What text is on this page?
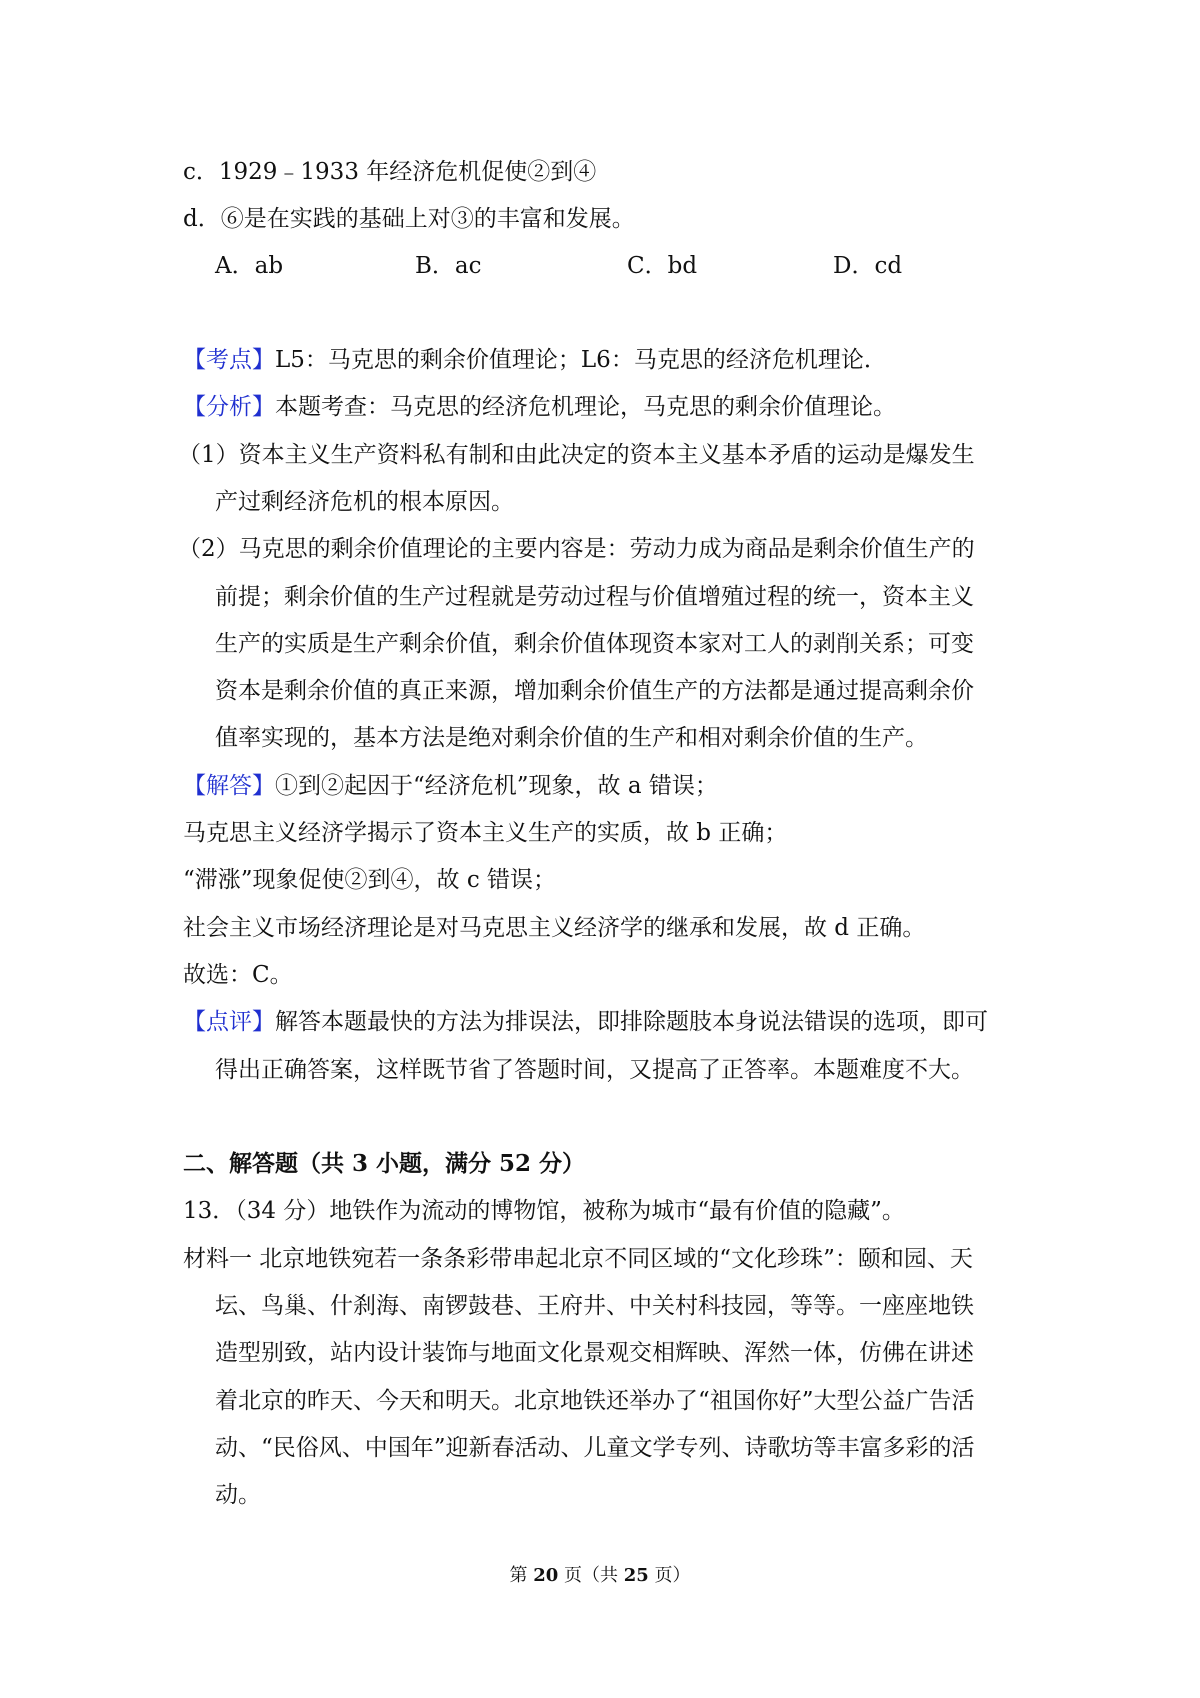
c．1929﹣1933 年经济危机促使②到④
d．⑥是在实践的基础上对③的丰富和发展。
A．ab	B．ac	C．bd	D．cd
【考点】L5：马克思的剩余价值理论；L6：马克思的经济危机理论．
【分析】本题考查：马克思的经济危机理论，马克思的剩余价值理论。
（1）资本主义生产资料私有制和由此决定的资本主义基本矛盾的运动是爆发生
产过剩经济危机的根本原因。
（2）马克思的剩余价值理论的主要内容是：劳动力成为商品是剩余价值生产的
前提；剩余价值的生产过程就是劳动过程与价值增殖过程的统一，资本主义
生产的实质是生产剩余价值，剩余价值体现资本家对工人的剥削关系；可变
资本是剩余价值的真正来源，增加剩余价值生产的方法都是通过提高剩余价
值率实现的，基本方法是绝对剩余价值的生产和相对剩余价值的生产。
【解答】①到②起因于“经济危机”现象，故 a 错误；
马克思主义经济学揭示了资本主义生产的实质，故 b 正确；
“滞涨”现象促使②到④，故 c 错误；
社会主义市场经济理论是对马克思主义经济学的继承和发展，故 d 正确。
故选：C。
【点评】解答本题最快的方法为排误法，即排除题肢本身说法错误的选项，即可
得出正确答案，这样既节省了答题时间，又提高了正答率。本题难度不大。
二、解答题（共 3 小题，满分 52 分）
13．（34 分）地铁作为流动的博物馆，被称为城市“最有价值的隐藏”。
材料一 北京地铁宛若一条条彩带串起北京不同区域的“文化珍珠”：颐和园、天
坛、鸟巢、什刹海、南锣鼓巷、王府井、中关村科技园，等等。一座座地铁
造型别致，站内设计装饰与地面文化景观交相辉映、浑然一体，仿佛在讲述
着北京的昨天、今天和明天。北京地铁还举办了“祖国你好”大型公益广告活
动、“民俗风、中国年”迎新春活动、儿童文学专列、诗歌坊等丰富多彩的活
动。
第 20 页（共 25 页）
